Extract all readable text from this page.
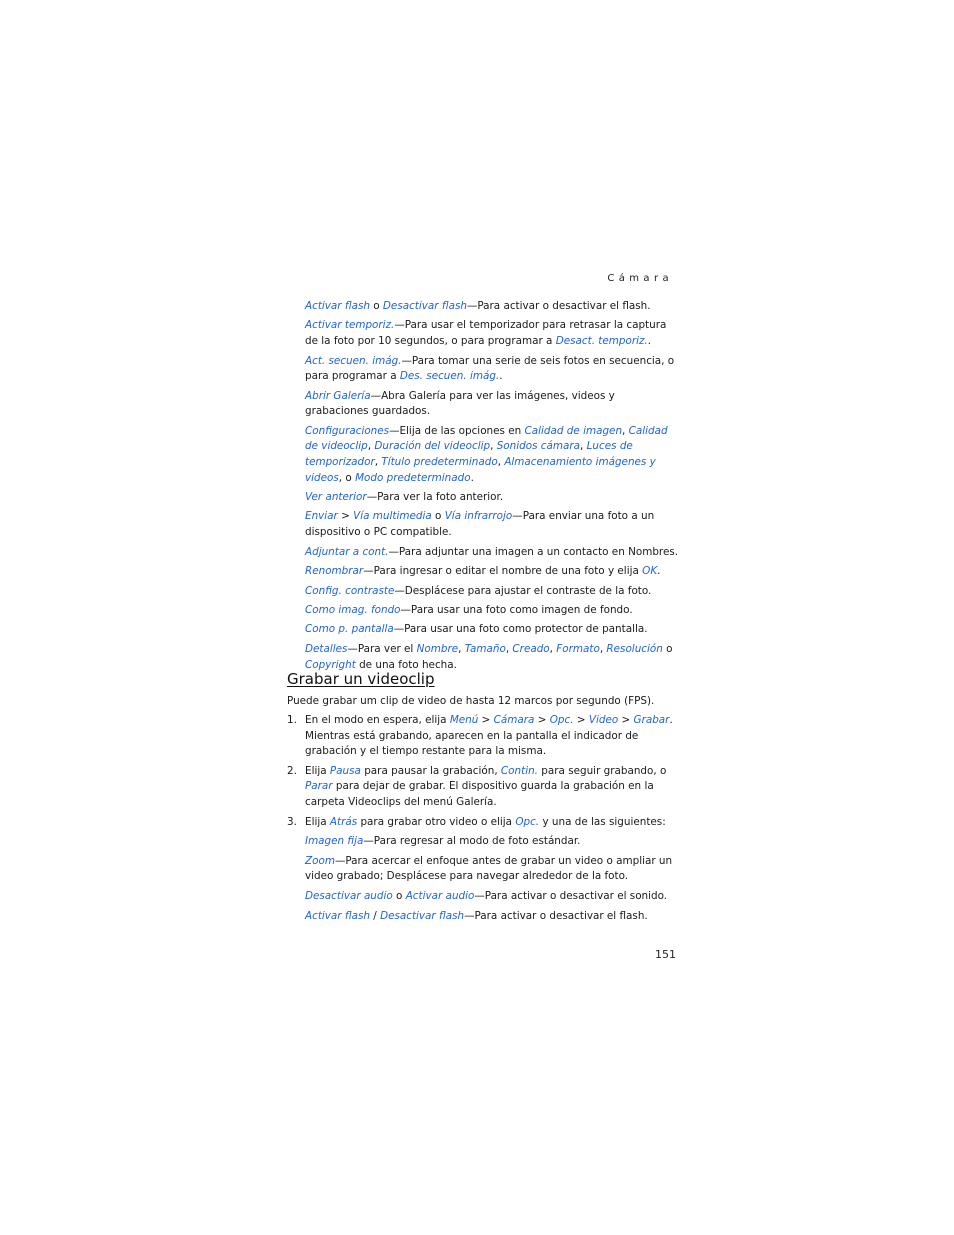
Cámara

Activar flash o Desactivar flash—Para activar o desactivar el flash.

Activar temporiz.—Para usar el temporizador para retrasar la captura de la foto por 10 segundos, o para programar a Desact. temporiz..

Act. secuen. imág.—Para tomar una serie de seis fotos en secuencia, o para programar a Des. secuen. imág..

Abrir Galería—Abra Galería para ver las imágenes, videos y grabaciones guardados.

Configuraciones—Elija de las opciones en Calidad de imagen, Calidad de videoclip, Duración del videoclip, Sonidos cámara, Luces de temporizador, Título predeterminado, Almacenamiento imágenes y videos, o Modo predeterminado.

Ver anterior—Para ver la foto anterior.

Enviar > Vía multimedia o Vía infrarrojo—Para enviar una foto a un dispositivo o PC compatible.

Adjuntar a cont.—Para adjuntar una imagen a un contacto en Nombres.

Renombrar—Para ingresar o editar el nombre de una foto y elija OK.

Config. contraste—Desplácese para ajustar el contraste de la foto.

Como imag. fondo—Para usar una foto como imagen de fondo.

Como p. pantalla—Para usar una foto como protector de pantalla.

Detalles—Para ver el Nombre, Tamaño, Creado, Formato, Resolución o Copyright de una foto hecha.

Grabar un videoclip

Puede grabar um clip de video de hasta 12 marcos por segundo (FPS).

1. En el modo en espera, elija Menú > Cámara > Opc. > Video > Grabar. Mientras está grabando, aparecen en la pantalla el indicador de grabación y el tiempo restante para la misma.
2. Elija Pausa para pausar la grabación, Contin. para seguir grabando, o Parar para dejar de grabar. El dispositivo guarda la grabación en la carpeta Videoclips del menú Galería.
3. Elija Atrás para grabar otro video o elija Opc. y una de las siguientes:

Imagen fija—Para regresar al modo de foto estándar.

Zoom—Para acercar el enfoque antes de grabar un video o ampliar un video grabado; Desplácese para navegar alrededor de la foto.

Desactivar audio o Activar audio—Para activar o desactivar el sonido.

Activar flash / Desactivar flash—Para activar o desactivar el flash.

151
